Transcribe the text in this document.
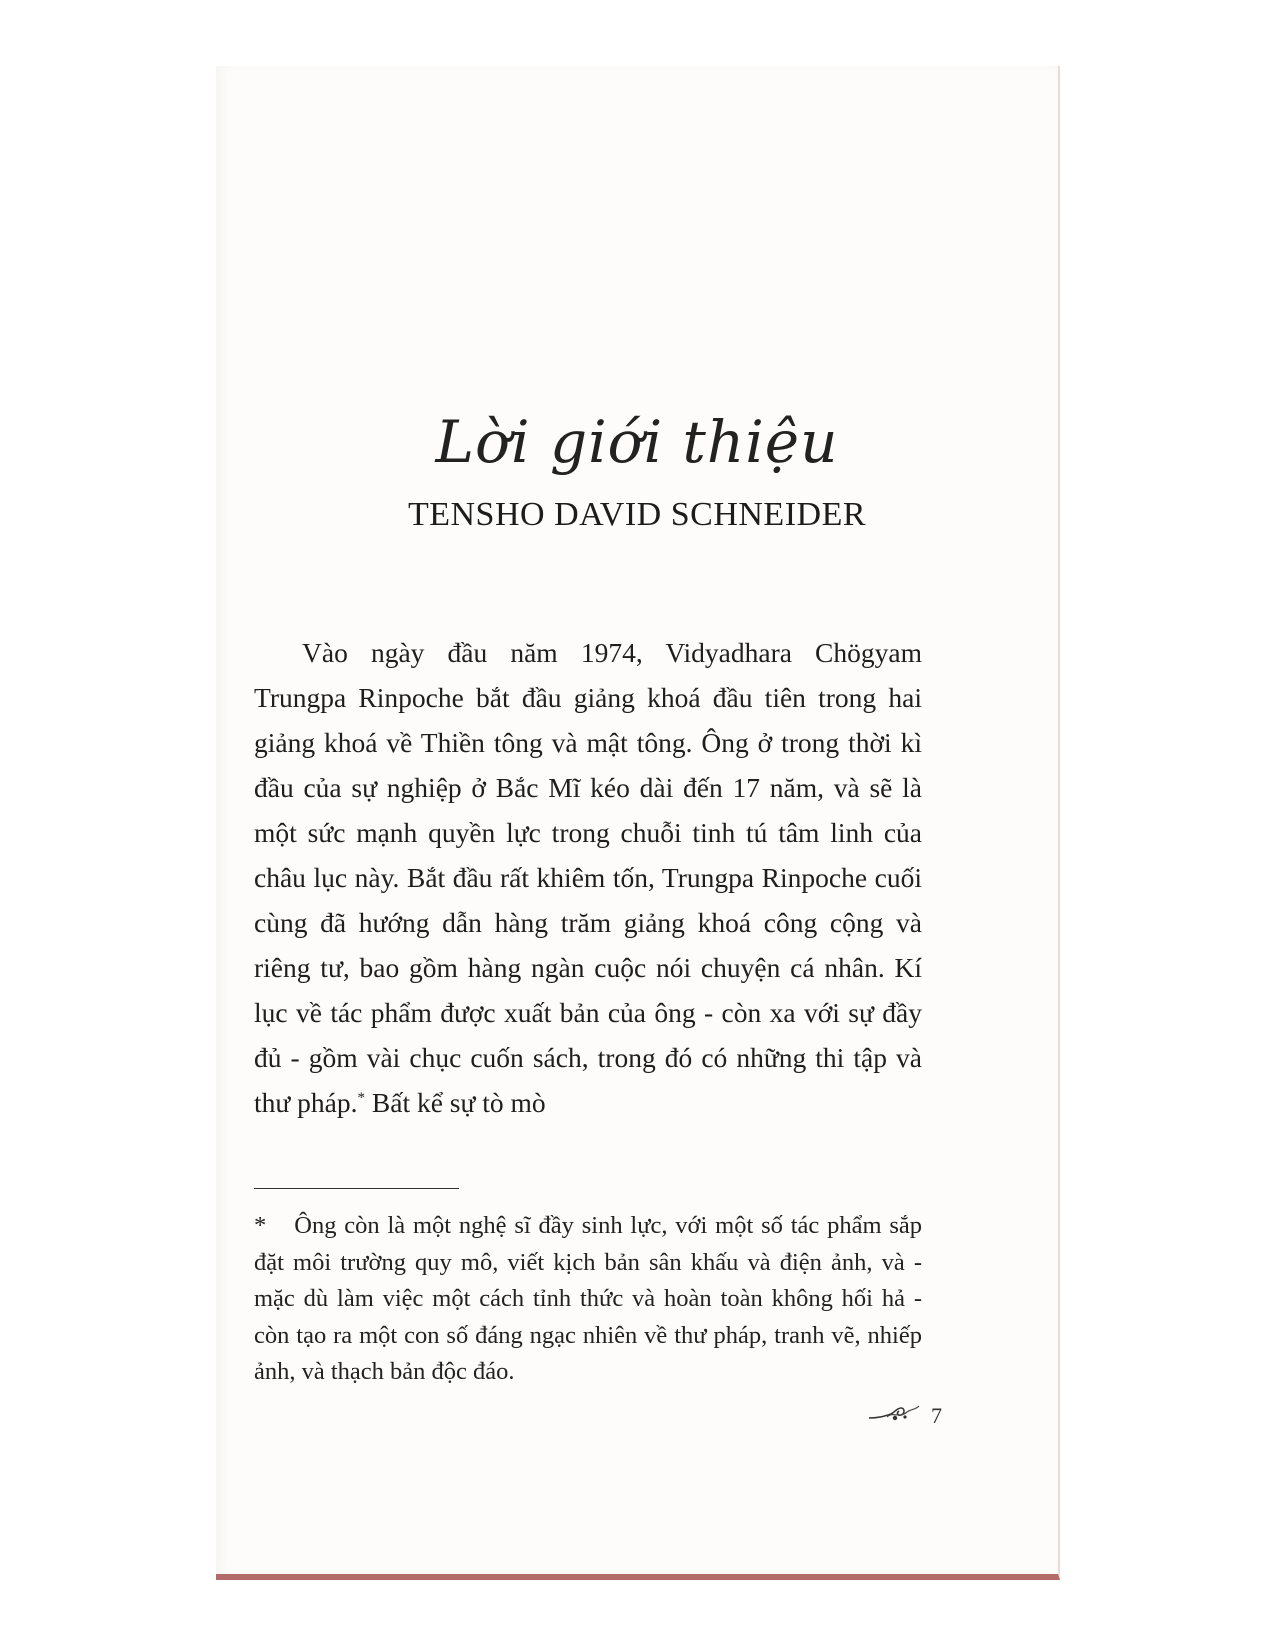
Lời giới thiệu
TENSHO DAVID SCHNEIDER

Vào ngày đầu năm 1974, Vidyadhara Chögyam Trungpa Rinpoche bắt đầu giảng khoá đầu tiên trong hai giảng khoá về Thiền tông và mật tông. Ông ở trong thời kì đầu của sự nghiệp ở Bắc Mĩ kéo dài đến 17 năm, và sẽ là một sức mạnh quyền lực trong chuỗi tinh tú tâm linh của châu lục này. Bắt đầu rất khiêm tốn, Trungpa Rinpoche cuối cùng đã hướng dẫn hàng trăm giảng khoá công cộng và riêng tư, bao gồm hàng ngàn cuộc nói chuyện cá nhân. Kí lục về tác phẩm được xuất bản của ông - còn xa với sự đầy đủ - gồm vài chục cuốn sách, trong đó có những thi tập và thư pháp.* Bất kể sự tò mò

* Ông còn là một nghệ sĩ đầy sinh lực, với một số tác phẩm sắp đặt môi trường quy mô, viết kịch bản sân khấu và điện ảnh, và - mặc dù làm việc một cách tỉnh thức và hoàn toàn không hối hả - còn tạo ra một con số đáng ngạc nhiên về thư pháp, tranh vẽ, nhiếp ảnh, và thạch bản độc đáo.

7
